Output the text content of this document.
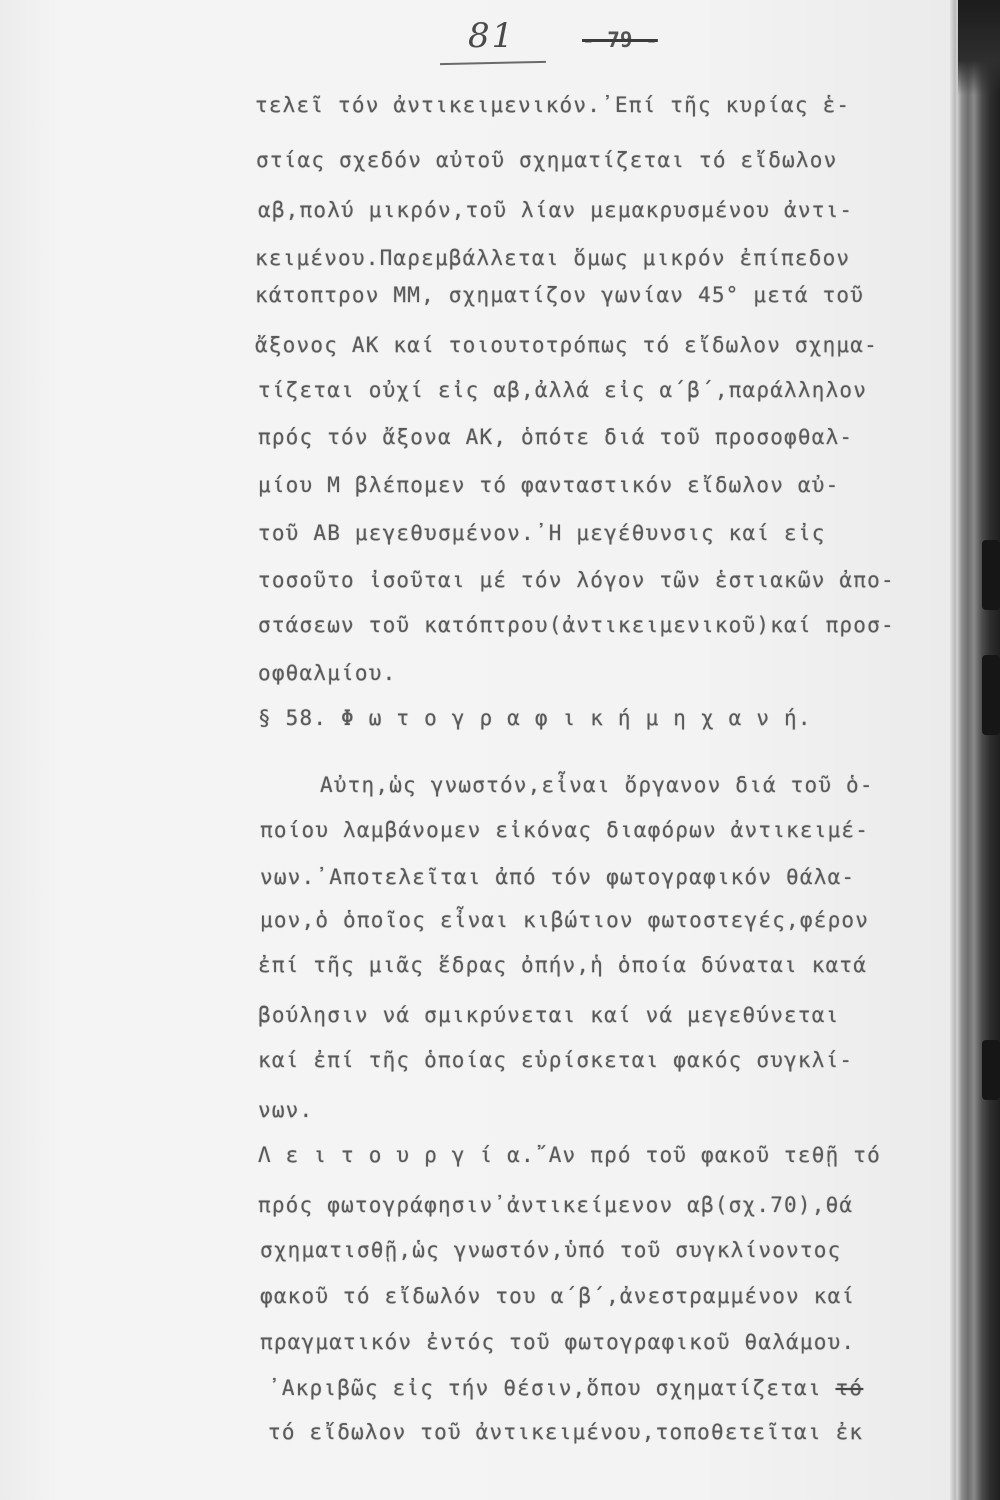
81	- 79 -
τελεῖ τόν ἀντικειμενικόν.᾽Επί τῆς κυρίας ἑ-
στίας σχεδόν αὐτοῦ σχηματίζεται τό εἴδωλον
αβ,πολύ μικρόν,τοῦ λίαν μεμακρυσμένου ἀντι-
κειμένου.Παρεμβάλλεται ὅμως μικρόν ἐπίπεδον
κάτοπτρον ΜΜ, σχηματίζον γωνίαν 45° μετά τοῦ
ἄξονος ΑΚ καί τοιουτοτρόπως τό εἴδωλον σχημα-
τίζεται οὐχί εἰς αβ,ἀλλά εἰς α΄β΄,παράλληλον
πρός τόν ἄξονα ΑΚ, ὁπότε διά τοῦ προσοφθαλ-
μίου Μ βλέπομεν τό φανταστικόν εἴδωλον αὐ-
τοῦ ΑΒ μεγεθυσμένον.᾽Η μεγέθυνσις καί εἰς
τοσοῦτο ἰσοῦται μέ τόν λόγον τῶν ἑστιακῶν ἀπο-
στάσεων τοῦ κατόπτρου(ἀντικειμενικοῦ)καί προσ-
οφθαλμίου.
§ 58. Φ ω τ ο γ ρ α φ ι κ ή μ η χ α ν ή.
Αὐτη,ὡς γνωστόν,εἶναι ὄργανον διά τοῦ ὁ-
ποίου λαμβάνομεν εἰκόνας διαφόρων ἀντικειμέ-
νων.᾽Αποτελεῖται ἀπό τόν φωτογραφικόν θάλα-
μον,ὁ ὁποῖος εἶναι κιβώτιον φωτοστεγές,φέρον
ἐπί τῆς μιᾶς ἕδρας ὀπήν,ἡ ὁποία δύναται κατά
βούλησιν νά σμικρύνεται καί νά μεγεθύνεται
καί ἐπί τῆς ὁποίας εὑρίσκεται φακός συγκλί-
νων.
Λ ε ι τ ο υ ρ γ ί α.῎Αν πρό τοῦ φακοῦ τεθῇ τό
πρός φωτογράφησιν᾽ἀντικείμενον αβ(σχ.70),θά
σχηματισθῇ,ὡς γνωστόν,ὑπό τοῦ συγκλίνοντος
φακοῦ τό εἴδωλόν του α΄β΄,ἀνεστραμμένον καί
πραγματικόν ἐντός τοῦ φωτογραφικοῦ θαλάμου.
᾽Ακριβῶς εἰς τήν θέσιν,ὅπου σχηματίζεται τό
τό εἴδωλον τοῦ ἀντικειμένου,τοποθετεῖται ἐκ
